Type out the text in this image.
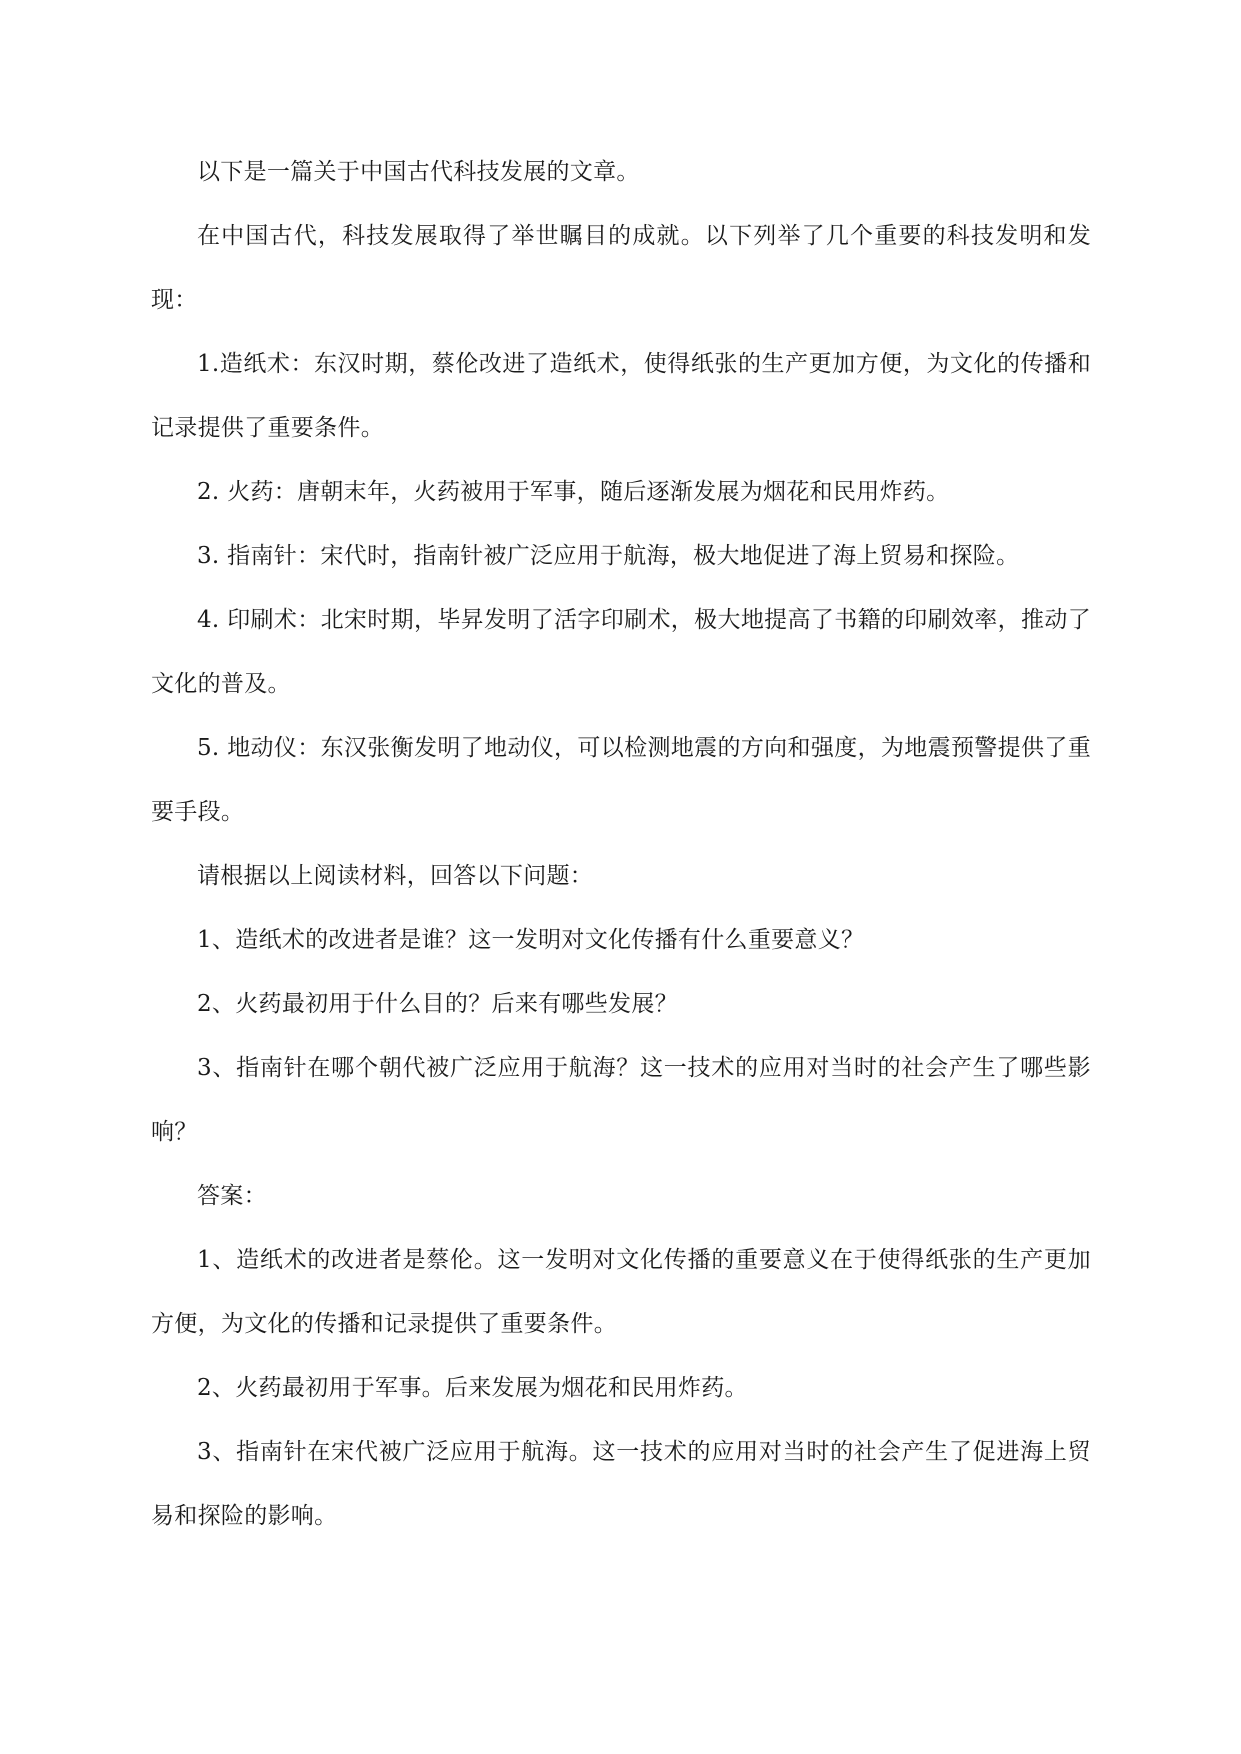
以下是一篇关于中国古代科技发展的文章。

在中国古代，科技发展取得了举世瞩目的成就。以下列举了几个重要的科技发明和发现：

1.造纸术：东汉时期，蔡伦改进了造纸术，使得纸张的生产更加方便，为文化的传播和记录提供了重要条件。

2. 火药：唐朝末年，火药被用于军事，随后逐渐发展为烟花和民用炸药。

3. 指南针：宋代时，指南针被广泛应用于航海，极大地促进了海上贸易和探险。

4. 印刷术：北宋时期，毕昇发明了活字印刷术，极大地提高了书籍的印刷效率，推动了文化的普及。

5. 地动仪：东汉张衡发明了地动仪，可以检测地震的方向和强度，为地震预警提供了重要手段。

请根据以上阅读材料，回答以下问题：

1、造纸术的改进者是谁？这一发明对文化传播有什么重要意义？

2、火药最初用于什么目的？后来有哪些发展？

3、指南针在哪个朝代被广泛应用于航海？这一技术的应用对当时的社会产生了哪些影响？

答案：

1、造纸术的改进者是蔡伦。这一发明对文化传播的重要意义在于使得纸张的生产更加方便，为文化的传播和记录提供了重要条件。

2、火药最初用于军事。后来发展为烟花和民用炸药。

3、指南针在宋代被广泛应用于航海。这一技术的应用对当时的社会产生了促进海上贸易和探险的影响。
